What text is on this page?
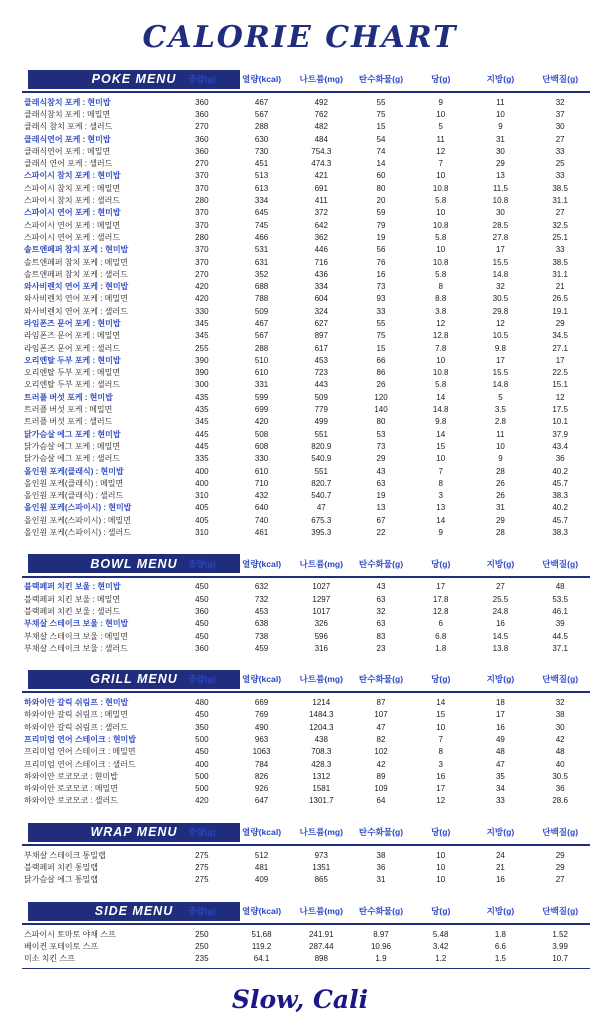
CALORIE CHART
POKE MENU	중량(g)	열량(kcal)	나트륨(mg)	탄수화물(g)	당(g)	지방(g)	단백질(g)
클래식참치 포케 : 현미밥	360	467	492	55	9	11	32
클래식참치 포케 : 메밀면	360	567	762	75	10	10	37
클래식 참치 포케 : 샐러드	270	288	482	15	5	9	30
클래식연어 포케 : 현미밥	360	630	484	54	11	31	27
클래식연어 포케 : 메밀면	360	730	754.3	74	12	30	33
클래식 연어 포케 : 샐러드	270	451	474.3	14	7	29	25
스파이시 참치 포케 : 현미밥	370	513	421	60	10	13	33
스파이시 참치 포케 : 메밀면	370	613	691	80	10.8	11.5	38.5
스파이시 참치 포케 : 샐러드	280	334	411	20	5.8	10.8	31.1
스파이시 연어 포케 : 현미밥	370	645	372	59	10	30	27
스파이시 연어 포케 : 메밀면	370	745	642	79	10.8	28.5	32.5
스파이시 연어 포케 : 샐러드	280	466	362	19	5.8	27.8	25.1
솔트앤페퍼 참치 포케 : 현미밥	370	531	446	56	10	17	33
솔트앤페퍼 참치 포케 : 메밀면	370	631	716	76	10.8	15.5	38.5
솔트앤페퍼 참치 포케 : 샐러드	270	352	436	16	5.8	14.8	31.1
와사비렌치 연어 포케 : 현미밥	420	688	334	73	8	32	21
와사비렌치 연어 포케 : 메밀면	420	788	604	93	8.8	30.5	26.5
와사비렌치 연어 포케 : 샐러드	330	509	324	33	3.8	29.8	19.1
라임폰즈 문어 포케 : 현미밥	345	467	627	55	12	12	29
라임폰즈 문어 포케 : 메밀면	345	567	897	75	12.8	10.5	34.5
라임폰즈 문어 포케 : 샐러드	255	288	617	15	7.8	9.8	27.1
오리엔탈 두부 포케 : 현미밥	390	510	453	66	10	17	17
오리엔탈 두부 포케 : 메밀면	390	610	723	86	10.8	15.5	22.5
오리엔탈 두부 포케 : 샐러드	300	331	443	26	5.8	14.8	15.1
트러플 버섯 포케 : 현미밥	435	599	509	120	14	5	12
트러플 버섯 포케 : 메밀면	435	699	779	140	14.8	3.5	17.5
트러플 버섯 포케 : 샐러드	345	420	499	80	9.8	2.8	10.1
닭가슴살 에그 포케 : 현미밥	445	508	551	53	14	11	37.9
닭가슴살 에그 포케 : 메밀면	445	608	820.9	73	15	10	43.4
닭가슴살 에그 포케 : 샐러드	335	330	540.9	29	10	9	36
올인원 포케(클래식) : 현미밥	400	610	551	43	7	28	40.2
올인원 포케(클래식) : 메밀면	400	710	820.7	63	8	26	45.7
올인원 포케(클래식) : 샐러드	310	432	540.7	19	3	26	38.3
올인원 포케(스파이시) : 현미밥	405	640	47	13	13	31	40.2
올인원 포케(스파이시) : 메밀면	405	740	675.3	67	14	29	45.7
올인원 포케(스파이시) : 샐러드	310	461	395.3	22	9	28	38.3
BOWL MENU	중량(g)	열량(kcal)	나트륨(mg)	탄수화물(g)	당(g)	지방(g)	단백질(g)
블랙페퍼 치킨 보울 : 현미밥	450	632	1027	43	17	27	48
블랙페퍼 치킨 보울 : 메밀면	450	732	1297	63	17.8	25.5	53.5
블랙페퍼 치킨 보울 : 샐러드	360	453	1017	32	12.8	24.8	46.1
부채살 스테이크 보울 : 현미밥	450	638	326	63	6	16	39
부채살 스테이크 보울 : 메밀면	450	738	596	83	6.8	14.5	44.5
부채살 스테이크 보울 : 샐러드	360	459	316	23	1.8	13.8	37.1
GRILL MENU	중량(g)	열량(kcal)	나트륨(mg)	탄수화물(g)	당(g)	지방(g)	단백질(g)
하와이안 갈릭 쉬림프 : 현미밥	480	669	1214	87	14	18	32
하와이안 갈릭 쉬림프 : 메밀면	450	769	1484.3	107	15	17	38
하와이안 갈릭 쉬림프 : 샐러드	350	490	1204.3	47	10	16	30
프리미엄 연어 스테이크 : 현미밥	500	963	438	82	7	49	42
프리미엄 연어 스테이크 : 메밀면	450	1063	708.3	102	8	48	48
프리미엄 연어 스테이크 : 샐러드	400	784	428.3	42	3	47	40
하와이안 로코모코 : 현미밥	500	826	1312	89	16	35	30.5
하와이안 로코모코 : 메밀면	500	926	1581	109	17	34	36
하와이안 로코모코 : 샐러드	420	647	1301.7	64	12	33	28.6
WRAP MENU	중량(g)	열량(kcal)	나트륨(mg)	탄수화물(g)	당(g)	지방(g)	단백질(g)
부채살 스테이크 통밀랩	275	512	973	38	10	24	29
블랙페퍼 치킨 통밀랩	275	481	1351	36	10	21	29
닭가슴살 에그 통밀랩	275	409	865	31	10	16	27
SIDE MENU	중량(g)	열량(kcal)	나트륨(mg)	탄수화물(g)	당(g)	지방(g)	단백질(g)
스파이시 토마토 야채 스프	250	51.68	241.91	8.97	5.48	1.8	1.52
베이컨 포테이토 스프	250	119.2	287.44	10.96	3.42	6.6	3.99
미소 치킨 스프	235	64.1	898	1.9	1.2	1.5	10.7
Slow, Cali
